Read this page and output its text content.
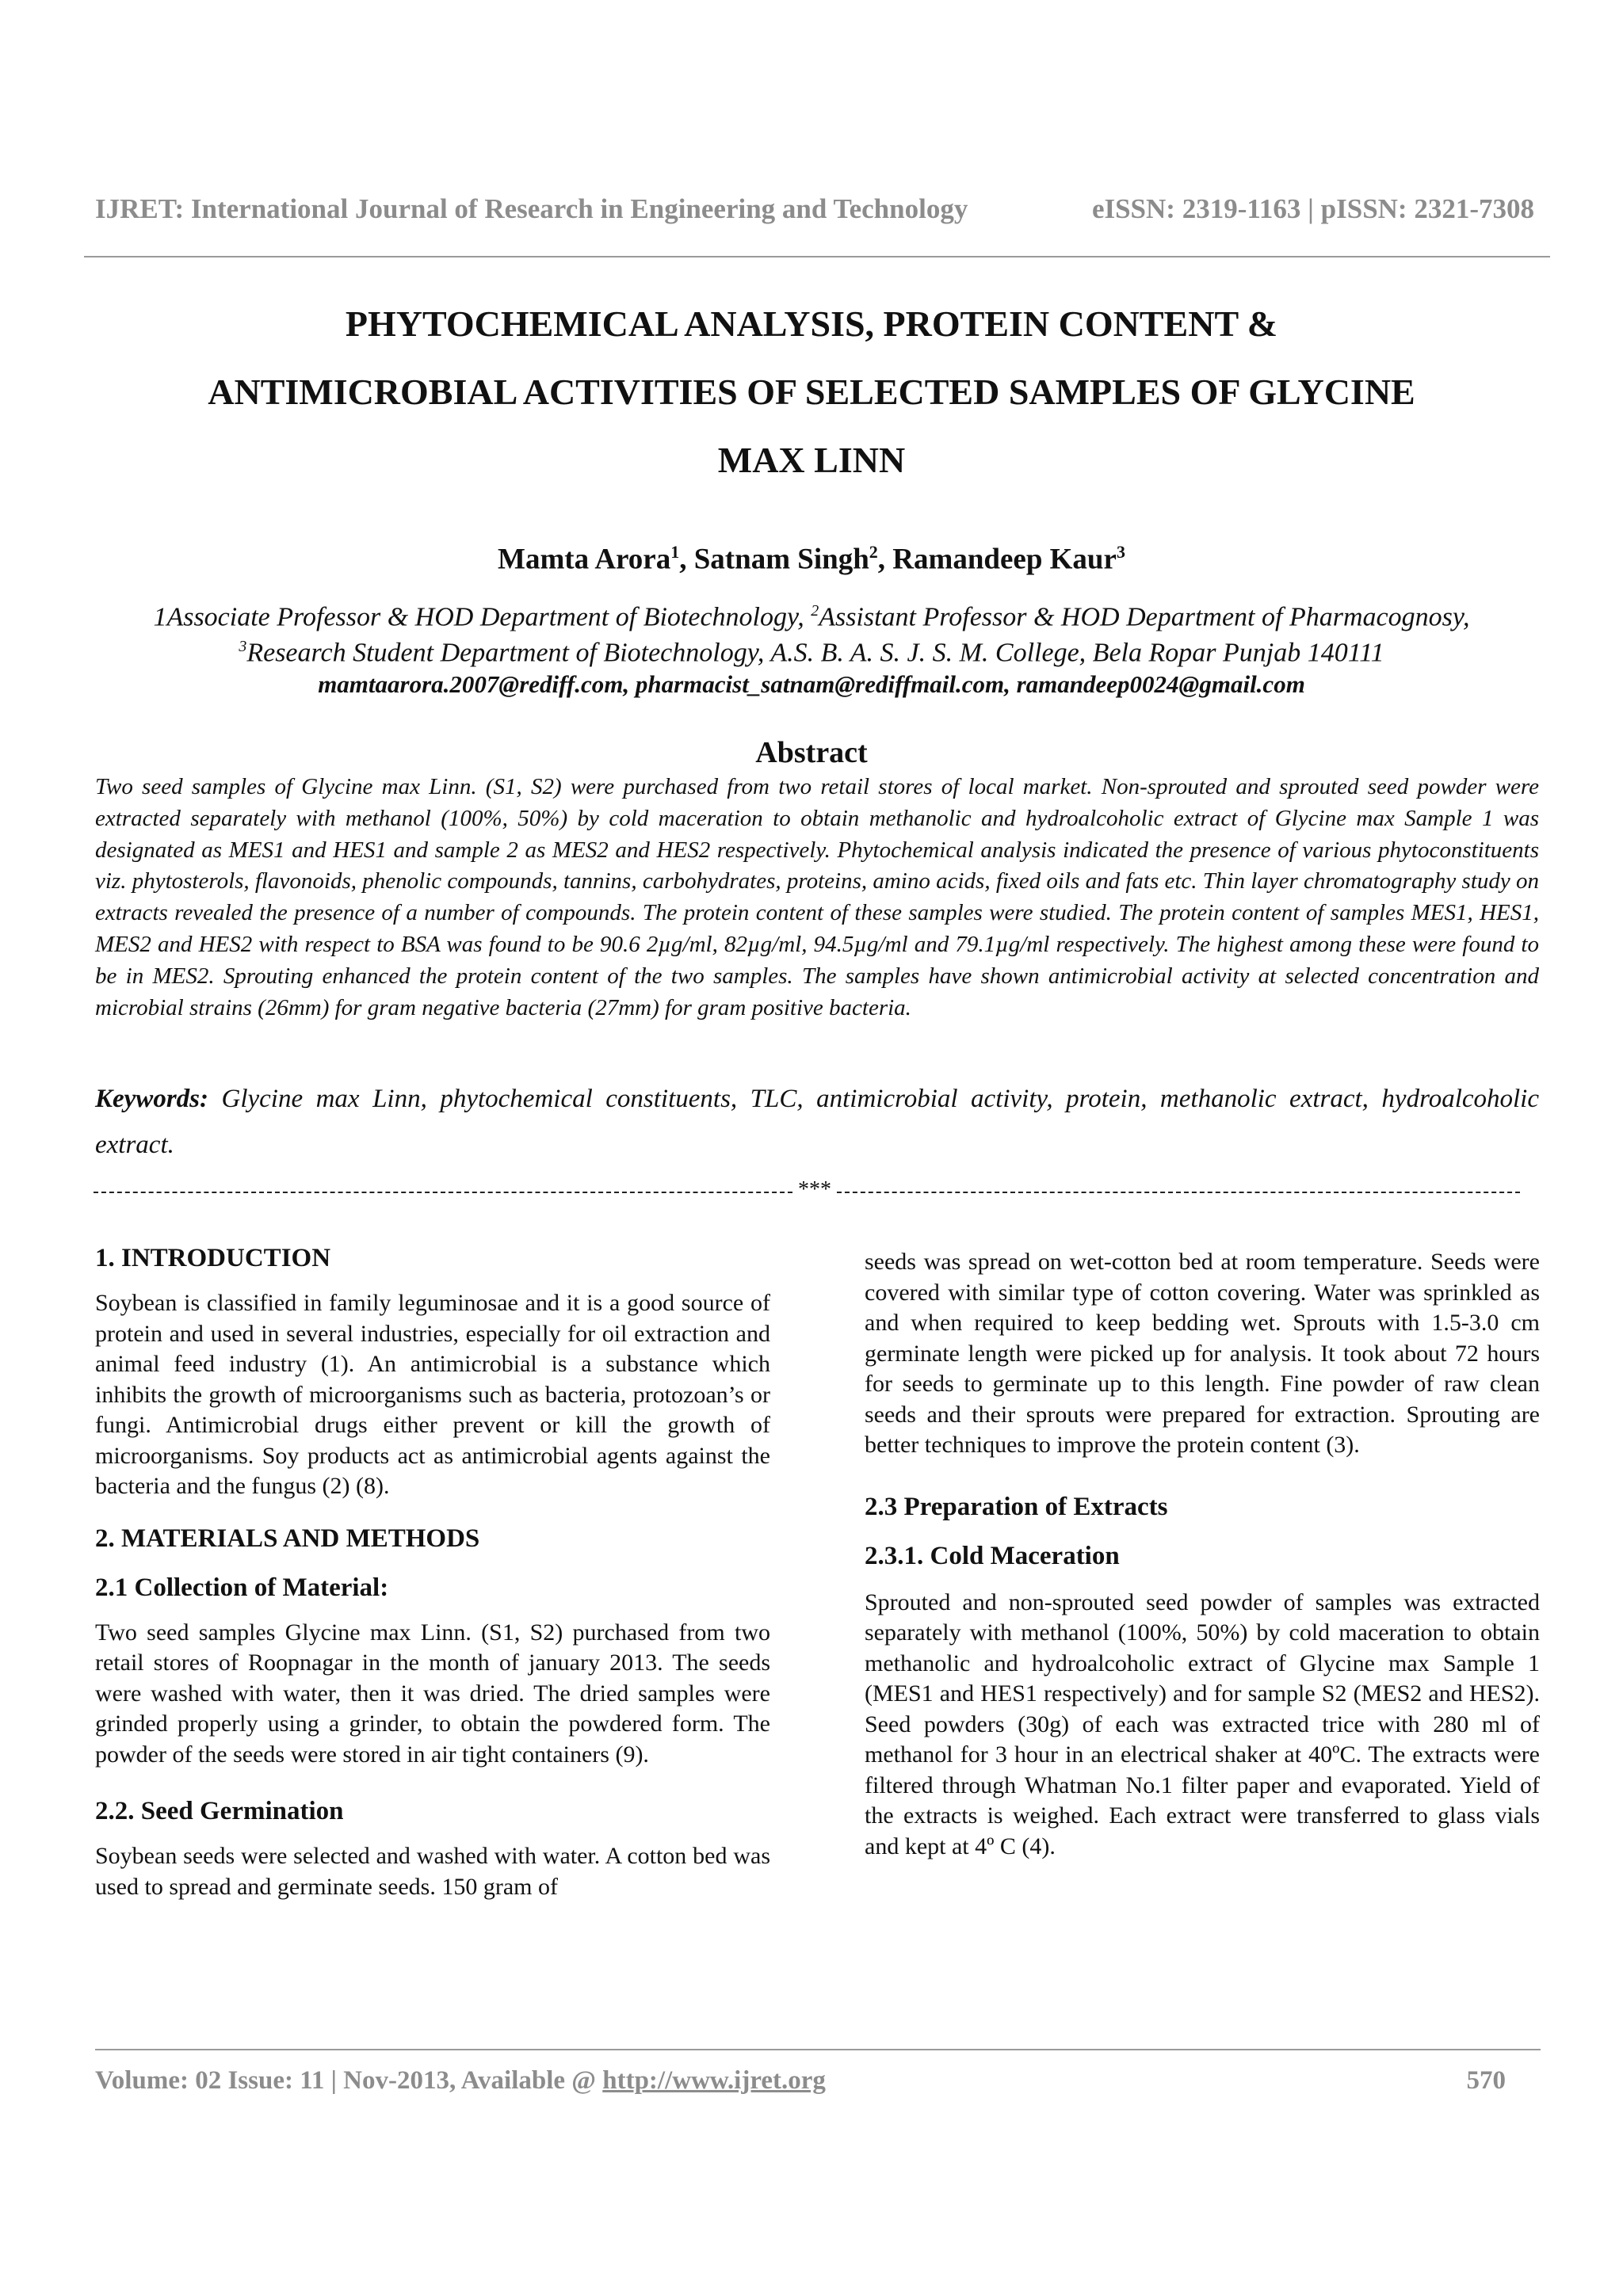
IJRET: International Journal of Research in Engineering and Technology	eISSN: 2319-1163 | pISSN: 2321-7308
PHYTOCHEMICAL ANALYSIS, PROTEIN CONTENT &
ANTIMICROBIAL ACTIVITIES OF SELECTED SAMPLES OF GLYCINE
MAX LINN
Mamta Arora$^1$, Satnam Singh$^2$, Ramandeep Kaur$^3$
1Associate Professor & HOD Department of Biotechnology, $^2$Assistant Professor & HOD Department of Pharmacognosy,
$^3$Research Student Department of Biotechnology, A.S. B. A. S. J. S. M. College, Bela Ropar Punjab 140111
mamtaarora.2007@rediff.com, pharmacist_satnam@rediffmail.com, ramandeep0024@gmail.com
Abstract
Two seed samples of Glycine max Linn. (S1, S2) were purchased from two retail stores of local market. Non-sprouted and sprouted seed powder were extracted separately with methanol (100%, 50%) by cold maceration to obtain methanolic and hydroalcoholic extract of Glycine max Sample 1 was designated as MES1 and HES1 and sample 2 as MES2 and HES2 respectively. Phytochemical analysis indicated the presence of various phytoconstituents viz. phytosterols, flavonoids, phenolic compounds, tannins, carbohydrates, proteins, amino acids, fixed oils and fats etc. Thin layer chromatography study on extracts revealed the presence of a number of compounds. The protein content of these samples were studied. The protein content of samples MES1, HES1, MES2 and HES2 with respect to BSA was found to be 90.6 2µg/ml, 82µg/ml, 94.5µg/ml and 79.1µg/ml respectively. The highest among these were found to be in MES2. Sprouting enhanced the protein content of the two samples. The samples have shown antimicrobial activity at selected concentration and microbial strains (26mm) for gram negative bacteria (27mm) for gram positive bacteria.
Keywords: Glycine max Linn, phytochemical constituents, TLC, antimicrobial activity, protein, methanolic extract, hydroalcoholic extract.
***
1. INTRODUCTION

Soybean is classified in family leguminosae and it is a good source of protein and used in several industries, especially for oil extraction and animal feed industry (1). An antimicrobial is a substance which inhibits the growth of microorganisms such as bacteria, protozoan’s or fungi. Antimicrobial drugs either prevent or kill the growth of microorganisms. Soy products act as antimicrobial agents against the bacteria and the fungus (2) (8).

2. MATERIALS AND METHODS
2.1 Collection of Material:

Two seed samples Glycine max Linn. (S1, S2) purchased from two retail stores of Roopnagar in the month of january 2013. The seeds were washed with water, then it was dried. The dried samples were grinded properly using a grinder, to obtain the powdered form. The powder of the seeds were stored in air tight containers (9).

2.2. Seed Germination

Soybean seeds were selected and washed with water. A cotton bed was used to spread and germinate seeds. 150 gram of

seeds was spread on wet-cotton bed at room temperature. Seeds were covered with similar type of cotton covering. Water was sprinkled as and when required to keep bedding wet. Sprouts with 1.5-3.0 cm germinate length were picked up for analysis. It took about 72 hours for seeds to germinate up to this length. Fine powder of raw clean seeds and their sprouts were prepared for extraction. Sprouting are better techniques to improve the protein content (3).

2.3 Preparation of Extracts
2.3.1. Cold Maceration

Sprouted and non-sprouted seed powder of samples was extracted separately with methanol (100%, 50%) by cold maceration to obtain methanolic and hydroalcoholic extract of Glycine max Sample 1 (MES1 and HES1 respectively) and for sample S2 (MES2 and HES2). Seed powders (30g) of each was extracted trice with 280 ml of methanol for 3 hour in an electrical shaker at 40ºC. The extracts were filtered through Whatman No.1 filter paper and evaporated. Yield of the extracts is weighed. Each extract were transferred to glass vials and kept at 4º C (4).

Volume: 02 Issue: 11 | Nov-2013, Available @ http://www.ijret.org	570
